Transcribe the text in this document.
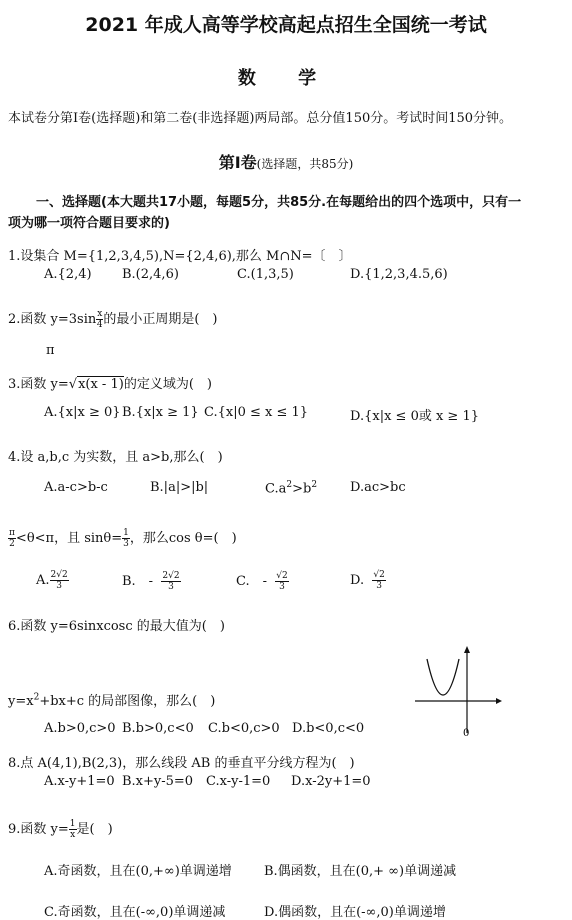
2021 年成人高等学校高起点招生全国统一考试
数 学
本试卷分第Ⅰ卷(选择题)和第二卷(非选择题)两局部。总分值150分。考试时间150分钟。
第Ⅰ卷(选择题，共85分)
一、选择题(本大题共17小题，每题5分，共85分.在每题给出的四个选项中，只有一
项为哪一项符合题目要求的)
1.设集合 M={1,2,3,4,5),N={2,4,6),那么 M∩N=〔　〕
A.{2,4) B.(2,4,6)	C.(1,3,5)	D.{1,2,3,4.5,6)
2.函数 $y=3\sin \frac{x}{4}$ 的最小正周期是(　)
π
3.函数 y=√x(x - 1)的定义域为(　)
A.{x|x ≥ 0} B.{x|x ≥ 1} C.{x|0 ≤ x ≤ 1}	D.{x|x ≤ 0或 x ≥ 1}
4.设 a,b,c 为实数，且 a>b,那么(　)
A.a-c>b-c	B.|a|>|b|	$C.a^2>b^2$	D.ac>bc
$\frac{\pi}{2} <\theta<\pi$，且 $\sin\theta= \frac{1}{3}$ ，那么cos θ=(　)
A. $\frac{2√2}{3}$	B.　- $\frac{2√2}{3}$	C.　- $\frac{√2}{3}$	D. $\frac{√2}{3}$
6.函数 y=6sinxcosc 的最大值为(　)
0
$y=x^2+bx+c$ 的局部图像，那么(　)
A.b>0,c>0 B.b>0,c<0 C.b<0,c>0 D.b<0,c<0
8.点 A(4,1),B(2,3)，那么线段 AB 的垂直平分线方程为(　)
A.x-y+1=0 B.x+y-5=0 C.x-y-1=0 D.x-2y+1=0
9.函数 $y= \frac{1}{x}$ 是(　)
A.奇函数，且在(0,+∞)单调递增 B.偶函数，且在(0,+ ∞)单调递减
C.奇函数，且在(-∞,0)单调递减	D.偶函数，且在(-∞,0)单调递增
